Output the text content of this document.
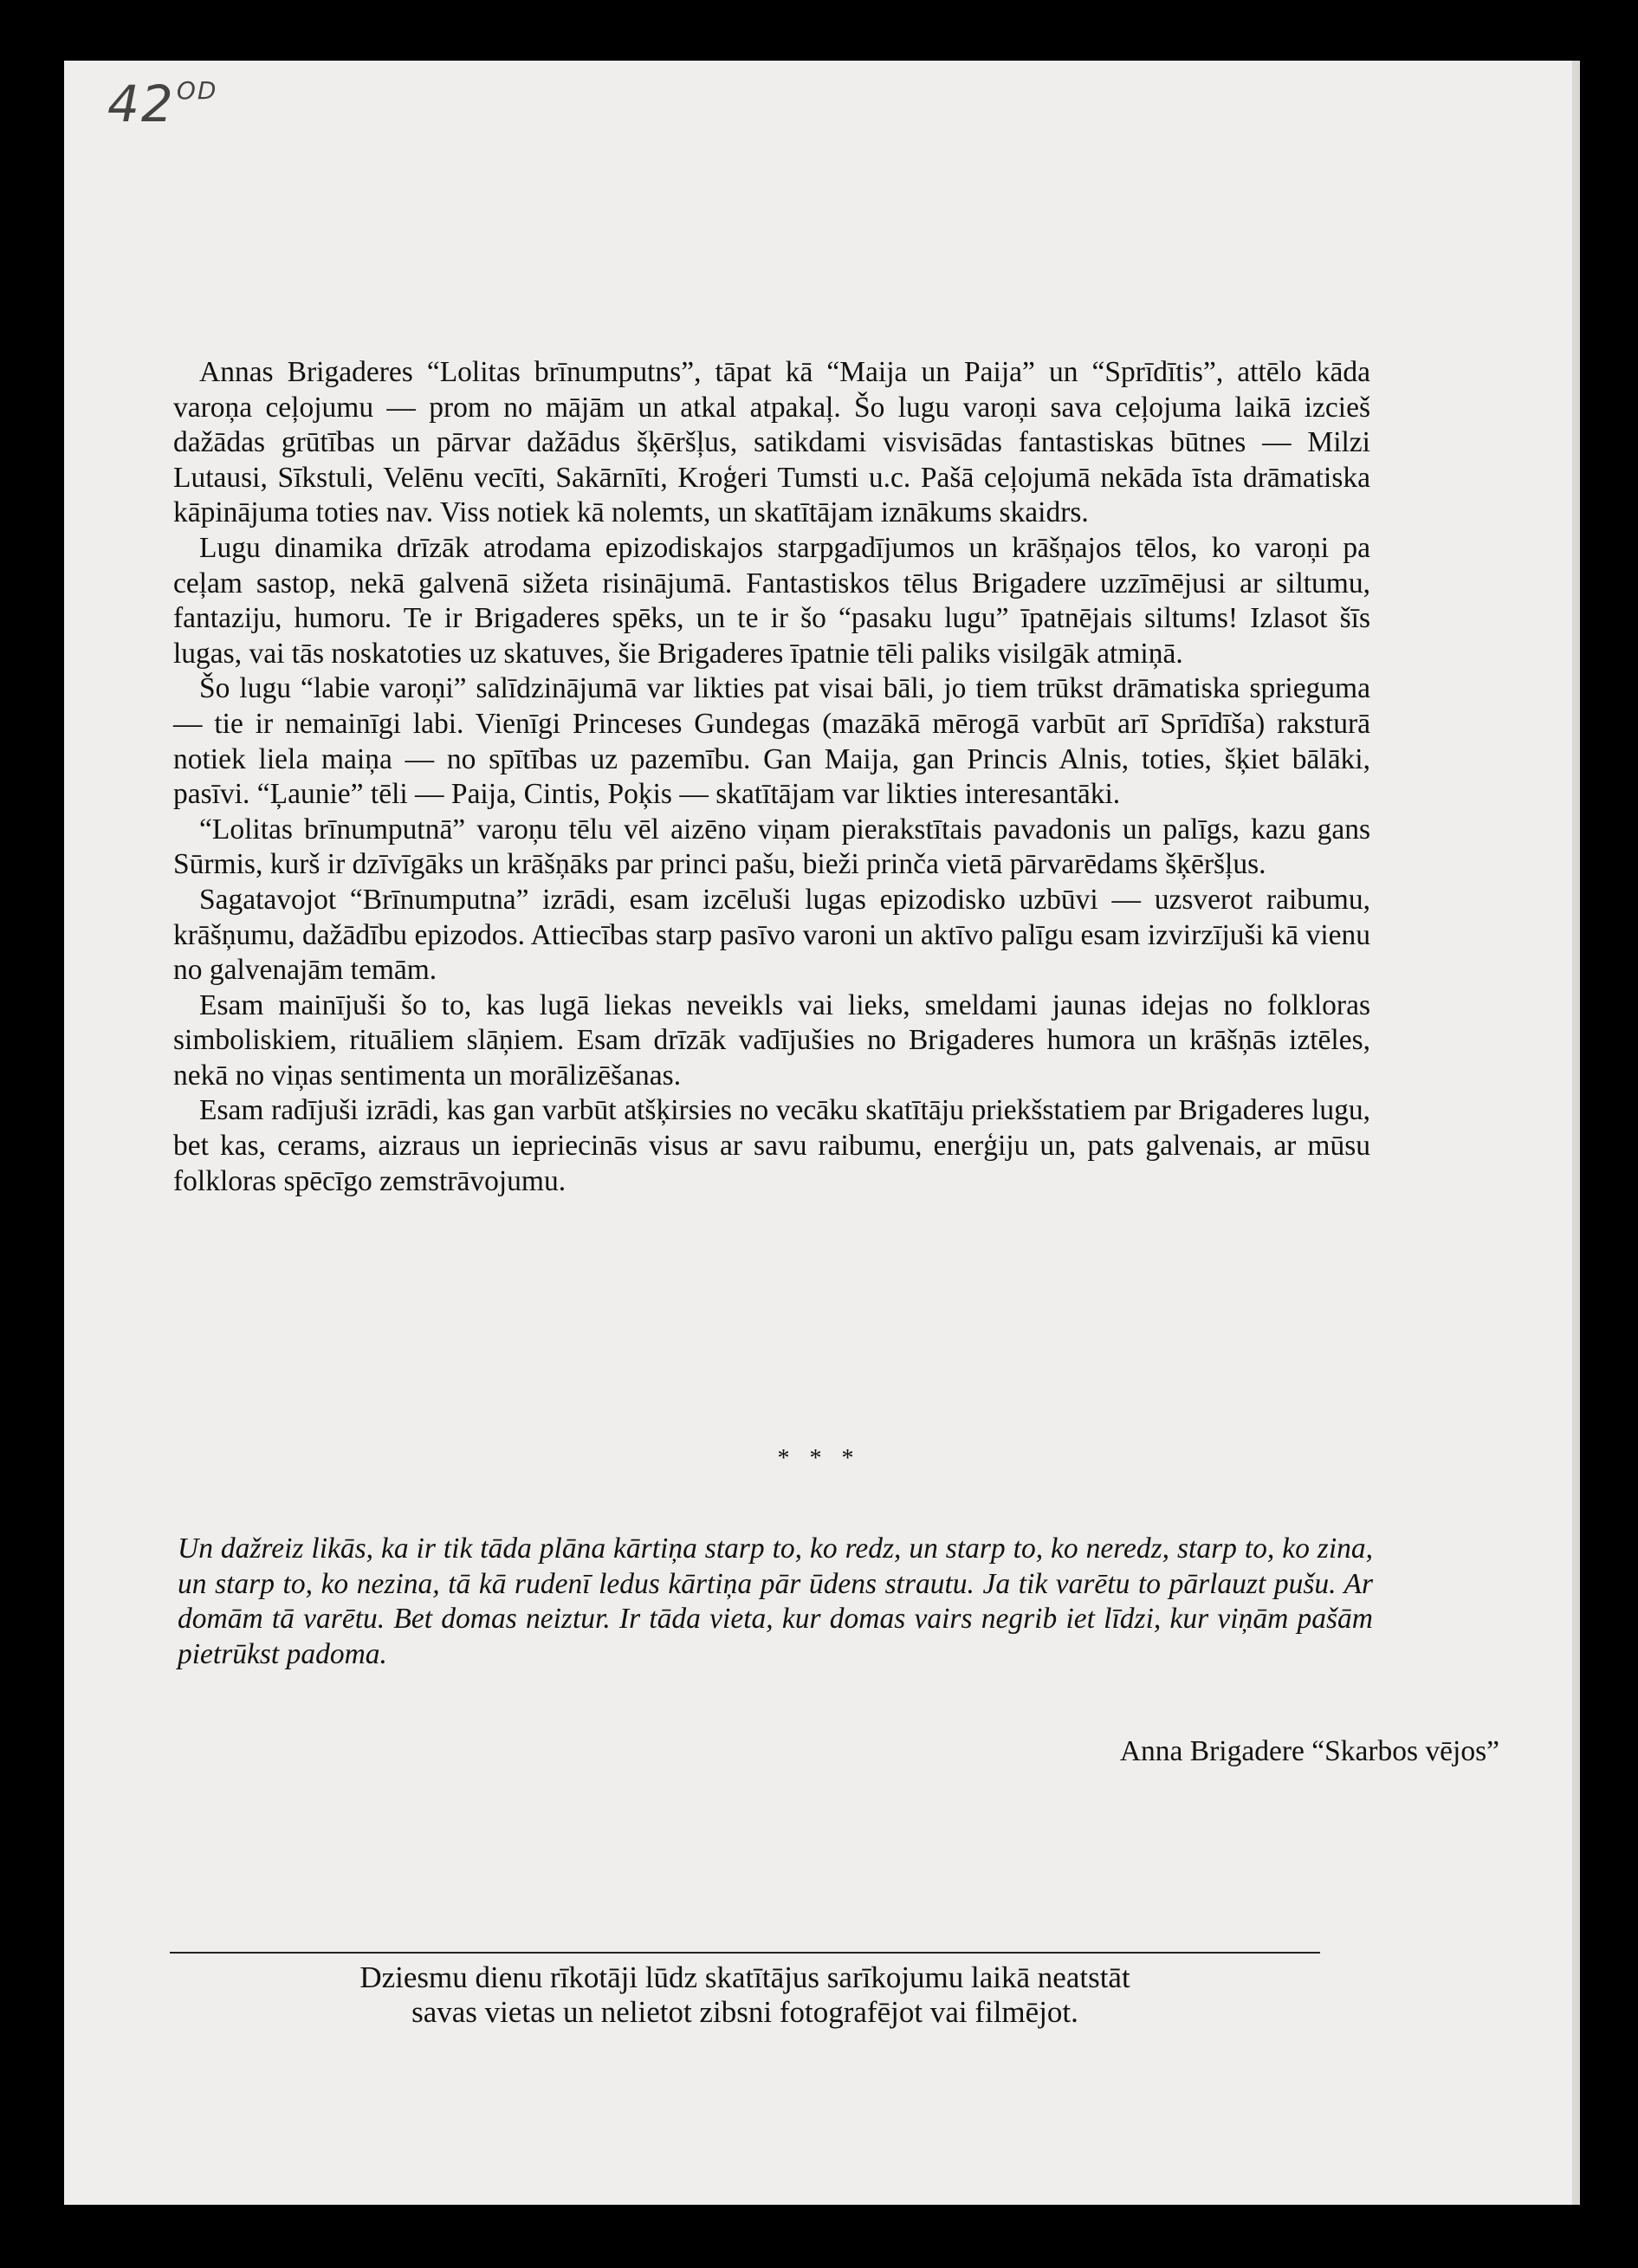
$42^{OD}$

Annas Brigaderes “Lolitas brīnumputns”, tāpat kā “Maija un Paija” un “Sprīdītis”, attēlo kāda varoņa ceļojumu — prom no mājām un atkal atpakaļ. Šo lugu varoņi sava ceļojuma laikā izcieš dažādas grūtības un pārvar dažādus šķēršļus, satikdami visvisādas fantastiskas būtnes — Milzi Lutausi, Sīkstuli, Velēnu vecīti, Sakārnīti, Kroģeri Tumsti u.c. Pašā ceļojumā nekāda īsta drāmatiska kāpinājuma toties nav. Viss notiek kā nolemts, un skatītājam iznākums skaidrs.

Lugu dinamika drīzāk atrodama epizodiskajos starpgadījumos un krāšņajos tēlos, ko varoņi pa ceļam sastop, nekā galvenā sižeta risinājumā. Fantastiskos tēlus Brigadere uzzīmējusi ar siltumu, fantaziju, humoru. Te ir Brigaderes spēks, un te ir šo “pasaku lugu” īpatnējais siltums! Izlasot šīs lugas, vai tās noskatoties uz skatuves, šie Brigaderes īpatnie tēli paliks visilgāk atmiņā.

Šo lugu “labie varoņi” salīdzinājumā var likties pat visai bāli, jo tiem trūkst drāmatiska sprieguma — tie ir nemainīgi labi. Vienīgi Princeses Gundegas (mazākā mērogā varbūt arī Sprīdīša) raksturā notiek liela maiņa — no spītības uz pazemību. Gan Maija, gan Princis Alnis, toties, šķiet bālāki, pasīvi. “Ļaunie” tēli — Paija, Cintis, Poķis — skatītājam var likties interesantāki.

“Lolitas brīnumputnā” varoņu tēlu vēl aizēno viņam pierakstītais pavadonis un palīgs, kazu gans Sūrmis, kurš ir dzīvīgāks un krāšņāks par princi pašu, bieži prinča vietā pārvarēdams šķēršļus.

Sagatavojot “Brīnumputna” izrādi, esam izcēluši lugas epizodisko uzbūvi — uzsverot raibumu, krāšņumu, dažādību epizodos. Attiecības starp pasīvo varoni un aktīvo palīgu esam izvirzījuši kā vienu no galvenajām temām.

Esam mainījuši šo to, kas lugā liekas neveikls vai lieks, smeldami jaunas idejas no folkloras simboliskiem, rituāliem slāņiem. Esam drīzāk vadījušies no Brigaderes humora un krāšņās iztēles, nekā no viņas sentimenta un morālizēšanas.

Esam radījuši izrādi, kas gan varbūt atšķirsies no vecāku skatītāju priekšstatiem par Brigaderes lugu, bet kas, cerams, aizraus un iepriecinās visus ar savu raibumu, enerģiju un, pats galvenais, ar mūsu folkloras spēcīgo zemstrāvojumu.

* * *

Un dažreiz likās, ka ir tik tāda plāna kārtiņa starp to, ko redz, un starp to, ko neredz, starp to, ko zina, un starp to, ko nezina, tā kā rudenī ledus kārtiņa pār ūdens strautu. Ja tik varētu to pārlauzt pušu. Ar domām tā varētu. Bet domas neiztur. Ir tāda vieta, kur domas vairs negrib iet līdzi, kur viņām pašām pietrūkst padoma.

Anna Brigadere “Skarbos vējos”
Dziesmu dienu rīkotāji lūdz skatītājus sarīkojumu laikā neatstāt
savas vietas un nelietot zibsni fotografējot vai filmējot.
